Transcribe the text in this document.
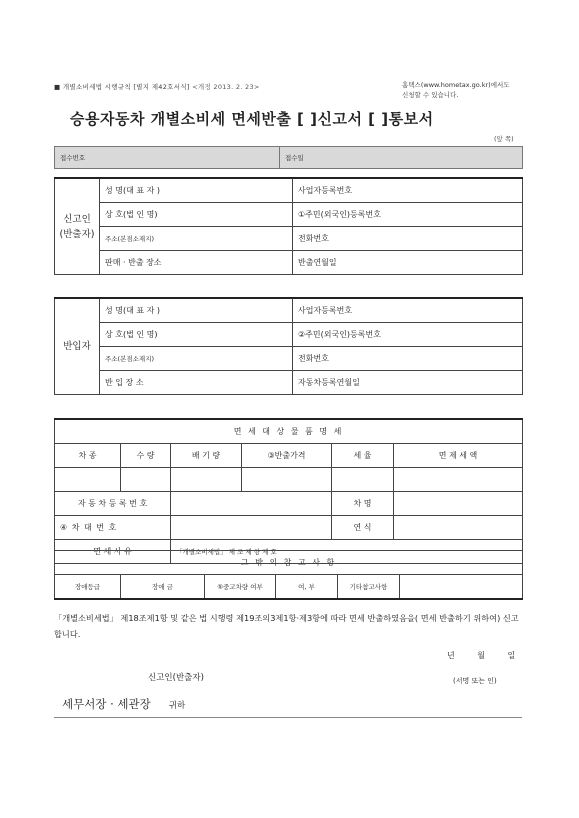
■ 개별소비세법 시행규칙 [별지 제42호서식] <개정 2013. 2. 23>	홈택스(www.hometax.go.kr)에서도
신청할 수 있습니다.
승용자동차 개별소비세 면세반출 [ ]신고서 [ ]통보서
(앞 쪽)
접수번호	접수일
신고인
(반출자)	성 명(대 표 자 )	사업자등록번호
	상 호(법 인 명)	①주민(외국인)등록번호
	주소(본점소재지)	전화번호
	판매 · 반출 장소	반출연월일
반입자	성 명(대 표 자 )	사업자등록번호
	상 호(법 인 명)	②주민(외국인)등록번호
	주소(본점소재지)	전화번호
	반 입 장 소	자동차등록연월일
면 세 대 상 물 품 명 세					
차 종	수 량	배 기 량	③반출가격	세 율	면 제 세 액

자 동 차 등 록 번 호				차 명	
④ 차 대 번 호				연 식	
면 세 사 유		「개별소비세법」 제 조 제 항 제 호			
그 밖 의 참 고 사 항
장애등급	장애 금	⑤중고차량 여부	여, 부	기타참고사항	
「개별소비세법」 제18조제1항 및 같은 법 시행령 제19조의3제1항·제3항에 따라 면세 반출하였음을( 면세 반출하기 위하여) 신고합니다.
년 월 일
신고인(반출자)	(서명 또는 인)
세무서장 · 세관장 귀하
